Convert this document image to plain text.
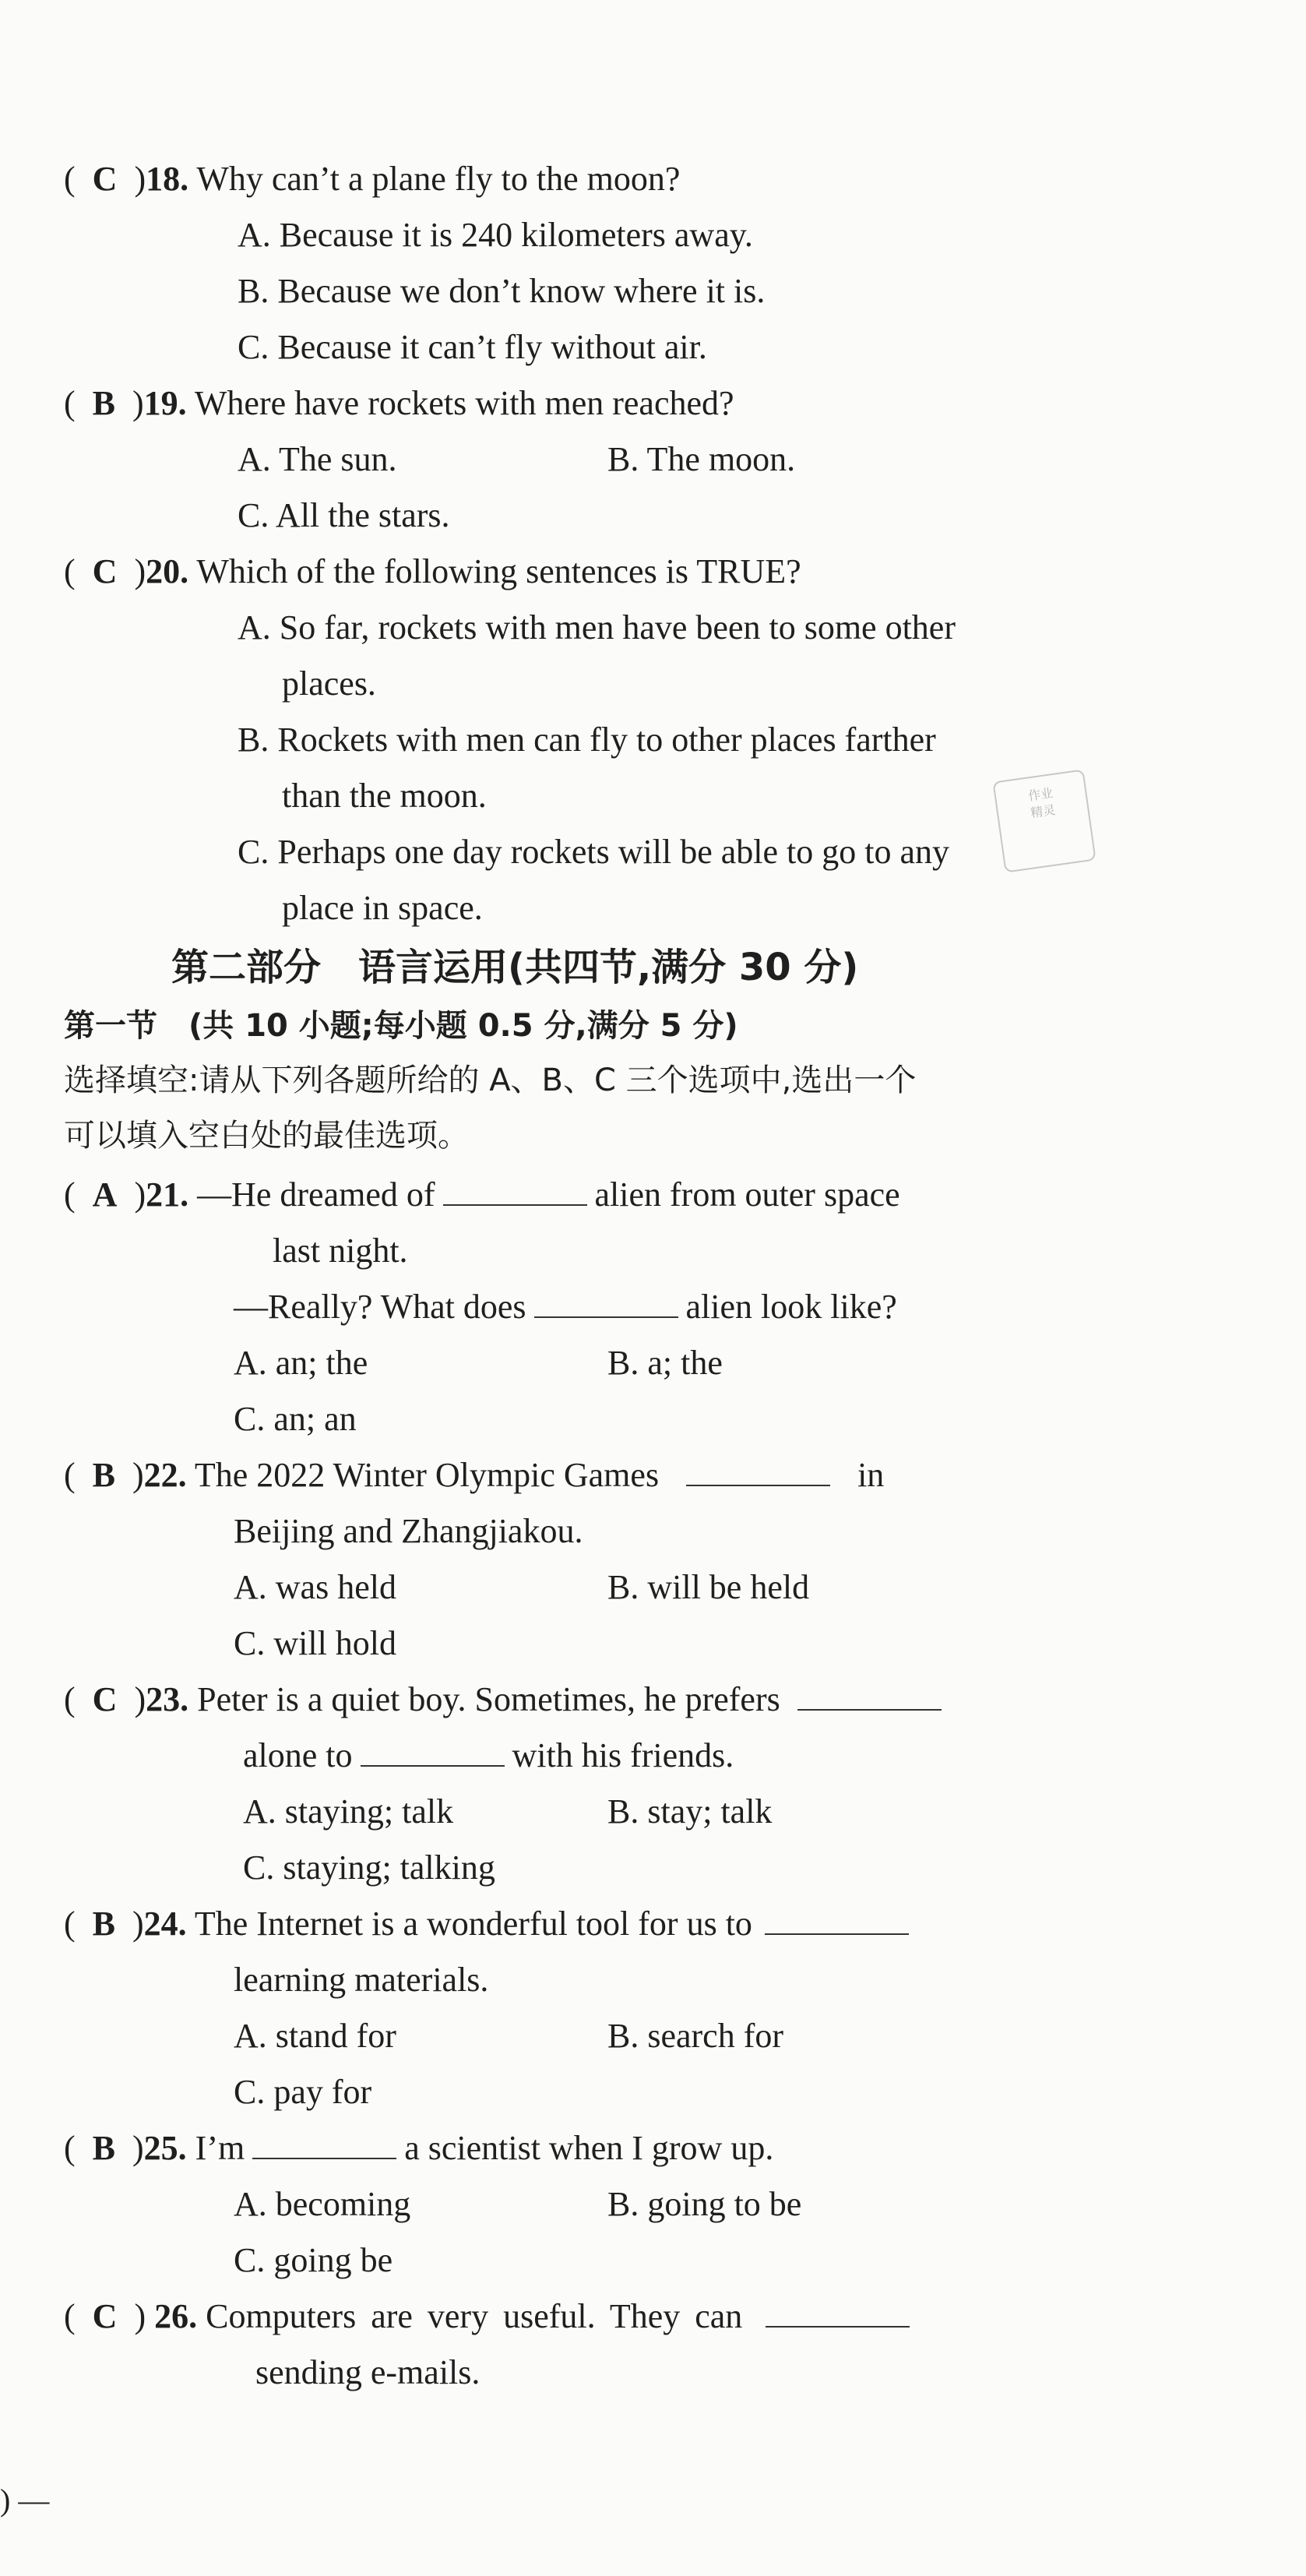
(  C  )18. Why can’t a plane fly to the moon?
A. Because it is 240 kilometers away.
B. Because we don’t know where it is.
C. Because it can’t fly without air.
(  B  )19. Where have rockets with men reached?
A. The sun.	B. The moon.
C. All the stars.
(  C  )20. Which of the following sentences is TRUE?
A. So far, rockets with men have been to some other
places.
B. Rockets with men can fly to other places farther
than the moon.
C. Perhaps one day rockets will be able to go to any
place in space.
作业
精灵
第二部分　语言运用(共四节,满分 30 分)
第一节　(共 10 小题;每小题 0.5 分,满分 5 分)
选择填空:请从下列各题所给的 A、B、C 三个选项中,选出一个
可以填入空白处的最佳选项。
(  A  )21. —He dreamed of	alien from outer space
last night.
—Really? What does	alien look like?
A. an; the	B. a; the
C. an; an
(  B  )22. The 2022 Winter Olympic Games	in
Beijing and Zhangjiakou.
A. was held	B. will be held
C. will hold
(  C  )23. Peter is a quiet boy. Sometimes, he prefers
alone to	with his friends.
A. staying; talk	B. stay; talk
C. staying; talking
(  B  )24. The Internet is a wonderful tool for us to
learning materials.
A. stand for	B. search for
C. pay for
(  B  )25. I’m	a scientist when I grow up.
A. becoming	B. going to be
C. going be
(  C  ) 26. Computers are very useful. They can
sending e-mails.
) —
